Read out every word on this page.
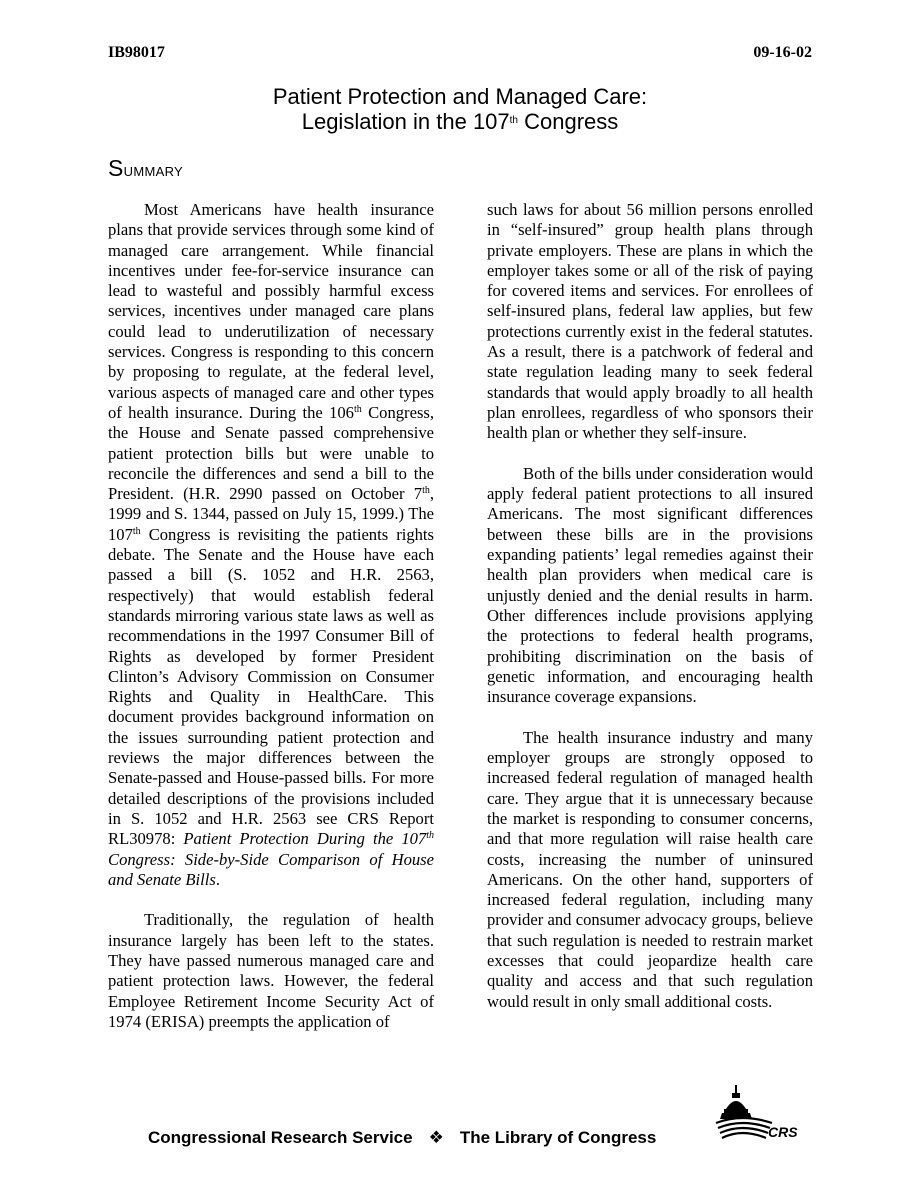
IB98017	09-16-02
Patient Protection and Managed Care:
Legislation in the 107th Congress
Summary

Most Americans have health insurance plans that provide services through some kind of managed care arrangement. While financial incentives under fee-for-service insurance can lead to wasteful and possibly harmful excess services, incentives under managed care plans could lead to underutilization of necessary services. Congress is responding to this concern by proposing to regulate, at the federal level, various aspects of managed care and other types of health insurance. During the 106th Congress, the House and Senate passed comprehensive patient protection bills but were unable to reconcile the differences and send a bill to the President. (H.R. 2990 passed on October 7th, 1999 and S. 1344, passed on July 15, 1999.) The 107th Congress is revisiting the patients rights debate. The Senate and the House have each passed a bill (S. 1052 and H.R. 2563, respectively) that would establish federal standards mirroring various state laws as well as recommendations in the 1997 Consumer Bill of Rights as developed by former President Clinton’s Advisory Commission on Consumer Rights and Quality in HealthCare. This document provides background information on the issues surrounding patient protection and reviews the major differences between the Senate-passed and House-passed bills. For more detailed descriptions of the provisions included in S. 1052 and H.R. 2563 see CRS Report RL30978: Patient Protection During the 107th Congress: Side-by-Side Comparison of House and Senate Bills.

Traditionally, the regulation of health insurance largely has been left to the states. They have passed numerous managed care and patient protection laws. However, the federal Employee Retirement Income Security Act of 1974 (ERISA) preempts the application of

such laws for about 56 million persons enrolled in “self-insured” group health plans through private employers. These are plans in which the employer takes some or all of the risk of paying for covered items and services. For enrollees of self-insured plans, federal law applies, but few protections currently exist in the federal statutes. As a result, there is a patchwork of federal and state regulation leading many to seek federal standards that would apply broadly to all health plan enrollees, regardless of who sponsors their health plan or whether they self-insure.

Both of the bills under consideration would apply federal patient protections to all insured Americans. The most significant differences between these bills are in the provisions expanding patients’ legal remedies against their health plan providers when medical care is unjustly denied and the denial results in harm. Other differences include provisions applying the protections to federal health programs, prohibiting discrimination on the basis of genetic information, and encouraging health insurance coverage expansions.

The health insurance industry and many employer groups are strongly opposed to increased federal regulation of managed health care. They argue that it is unnecessary because the market is responding to consumer concerns, and that more regulation will raise health care costs, increasing the number of uninsured Americans. On the other hand, supporters of increased federal regulation, including many provider and consumer advocacy groups, believe that such regulation is needed to restrain market excesses that could jeopardize health care quality and access and that such regulation would result in only small additional costs.

Congressional Research Service ❖ The Library of Congress	CRS
